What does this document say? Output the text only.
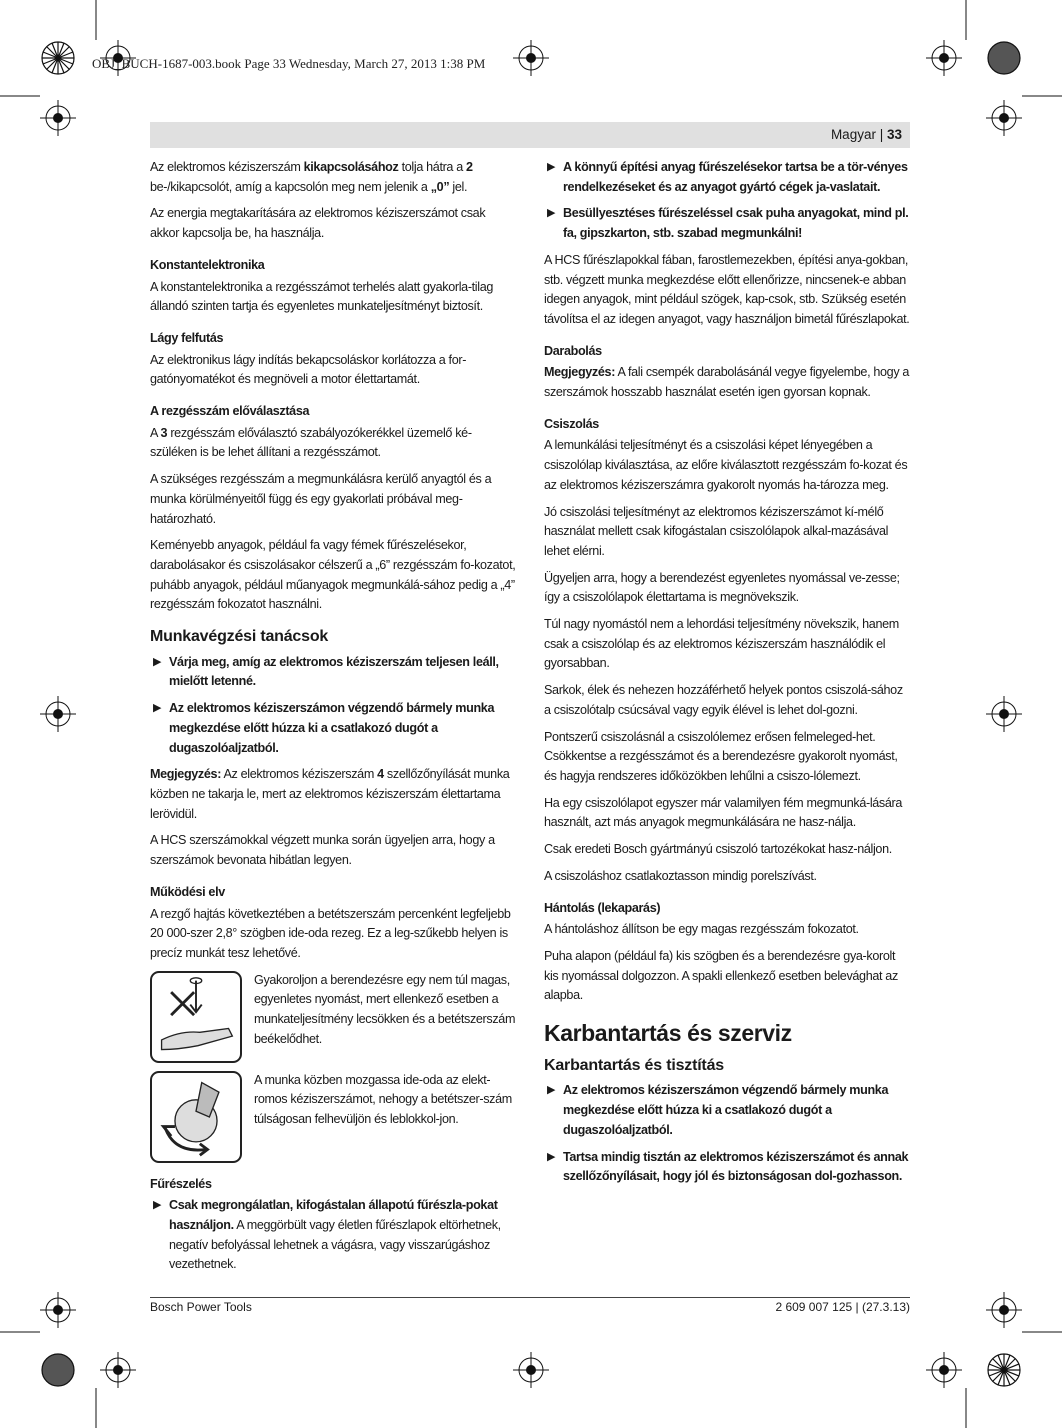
OBJ_BUCH-1687-003.book Page 33 Wednesday, March 27, 2013 1:38 PM
Magyar | 33

Az elektromos kéziszerszám kikapcsolásához tolja hátra a 2 be-/kikapcsolót, amíg a kapcsolón meg nem jelenik a „0” jel.

Az energia megtakarítására az elektromos kéziszerszámot csak akkor kapcsolja be, ha használja.

Konstantelektronika

A konstantelektronika a rezgésszámot terhelés alatt gyakorla-tilag állandó szinten tartja és egyenletes munkateljesítményt biztosít.

Lágy felfutás

Az elektronikus lágy indítás bekapcsoláskor korlátozza a for-gatónyomatékot és megnöveli a motor élettartamát.

A rezgésszám előválasztása

A 3 rezgésszám előválasztó szabályozókerékkel üzemelő ké-szüléken is be lehet állítani a rezgésszámot.

A szükséges rezgésszám a megmunkálásra kerülő anyagtól és a munka körülményeitől függ és egy gyakorlati próbával meg-határozható.

Keményebb anyagok, például fa vagy fémek fűrészelésekor, darabolásakor és csiszolásakor célszerű a „6” rezgésszám fo-kozatot, puhább anyagok, például műanyagok megmunkálá-sához pedig a „4” rezgésszám fokozatot használni.

Munkavégzési tanácsok
▶ Várja meg, amíg az elektromos kéziszerszám teljesen leáll, mielőtt letenné.
▶ Az elektromos kéziszerszámon végzendő bármely munka megkezdése előtt húzza ki a csatlakozó dugót a dugaszolóaljzatból.

Megjegyzés: Az elektromos kéziszerszám 4 szellőzőnyílását munka közben ne takarja le, mert az elektromos kéziszerszám élettartama lerövidül.

A HCS szerszámokkal végzett munka során ügyeljen arra, hogy a szerszámok bevonata hibátlan legyen.

Működési elv

A rezgő hajtás következtében a betétszerszám percenként legfeljebb 20 000-szer 2,8° szögben ide-oda rezeg. Ez a leg-szűkebb helyen is precíz munkát tesz lehetővé.

Gyakoroljon a berendezésre egy nem túl magas, egyenletes nyomást, mert ellenkező esetben a munkateljesítmény lecsökken és a betétszerszám beékelődhet.
A munka közben mozgassa ide-oda az elekt-romos kéziszerszámot, nehogy a betétszer-szám túlságosan felhevüljön és leblokkol-jon.
Fűrészelés
▶ Csak megrongálatlan, kifogástalan állapotú fűrészla-pokat használjon. A meggörbült vagy életlen fűrészlapok eltörhetnek, negatív befolyással lehetnek a vágásra, vagy visszarúgáshoz vezethetnek.
▶ A könnyű építési anyag fűrészelésekor tartsa be a tör-vényes rendelkezéseket és az anyagot gyártó cégek ja-vaslatait.
▶ Besüllyesztéses fűrészeléssel csak puha anyagokat, mind pl. fa, gipszkarton, stb. szabad megmunkálni!

A HCS fűrészlapokkal fában, farostlemezekben, építési anya-gokban, stb. végzett munka megkezdése előtt ellenőrizze, nincsenek-e abban idegen anyagok, mint például szögek, kap-csok, stb. Szükség esetén távolítsa el az idegen anyagot, vagy használjon bimetál fűrészlapokat.

Darabolás

Megjegyzés: A fali csempék darabolásánál vegye figyelembe, hogy a szerszámok hosszabb használat esetén igen gyorsan kopnak.

Csiszolás

A lemunkálási teljesítményt és a csiszolási képet lényegében a csiszolólap kiválasztása, az előre kiválasztott rezgésszám fo-kozat és az elektromos kéziszerszámra gyakorolt nyomás ha-tározza meg.

Jó csiszolási teljesítményt az elektromos kéziszerszámot kí-mélő használat mellett csak kifogástalan csiszolólapok alkal-mazásával lehet elérni.

Ügyeljen arra, hogy a berendezést egyenletes nyomással ve-zesse; így a csiszolólapok élettartama is megnövekszik.

Túl nagy nyomástól nem a lehordási teljesítmény növekszik, hanem csak a csiszolólap és az elektromos kéziszerszám használódik el gyorsabban.

Sarkok, élek és nehezen hozzáférhető helyek pontos csiszolá-sához a csiszolótalp csúcsával vagy egyik élével is lehet dol-gozni.

Pontszerű csiszolásnál a csiszolólemez erősen felmeleged-het. Csökkentse a rezgésszámot és a berendezésre gyakorolt nyomást, és hagyja rendszeres időközökben lehűlni a csiszo-lólemezt.

Ha egy csiszolólapot egyszer már valamilyen fém megmunká-lására használt, azt más anyagok megmunkálására ne hasz-nálja.

Csak eredeti Bosch gyártmányú csiszoló tartozékokat hasz-náljon.

A csiszoláshoz csatlakoztasson mindig porelszívást.

Hántolás (lekaparás)

A hántoláshoz állítson be egy magas rezgésszám fokozatot.

Puha alapon (például fa) kis szögben és a berendezésre gya-korolt kis nyomással dolgozzon. A spakli ellenkező esetben belevághat az alapba.

Karbantartás és szerviz
Karbantartás és tisztítás
▶ Az elektromos kéziszerszámon végzendő bármely munka megkezdése előtt húzza ki a csatlakozó dugót a dugaszolóaljzatból.
▶ Tartsa mindig tisztán az elektromos kéziszerszámot és annak szellőzőnyílásait, hogy jól és biztonságosan dol-gozhasson.
Bosch Power Tools	2 609 007 125 | (27.3.13)
